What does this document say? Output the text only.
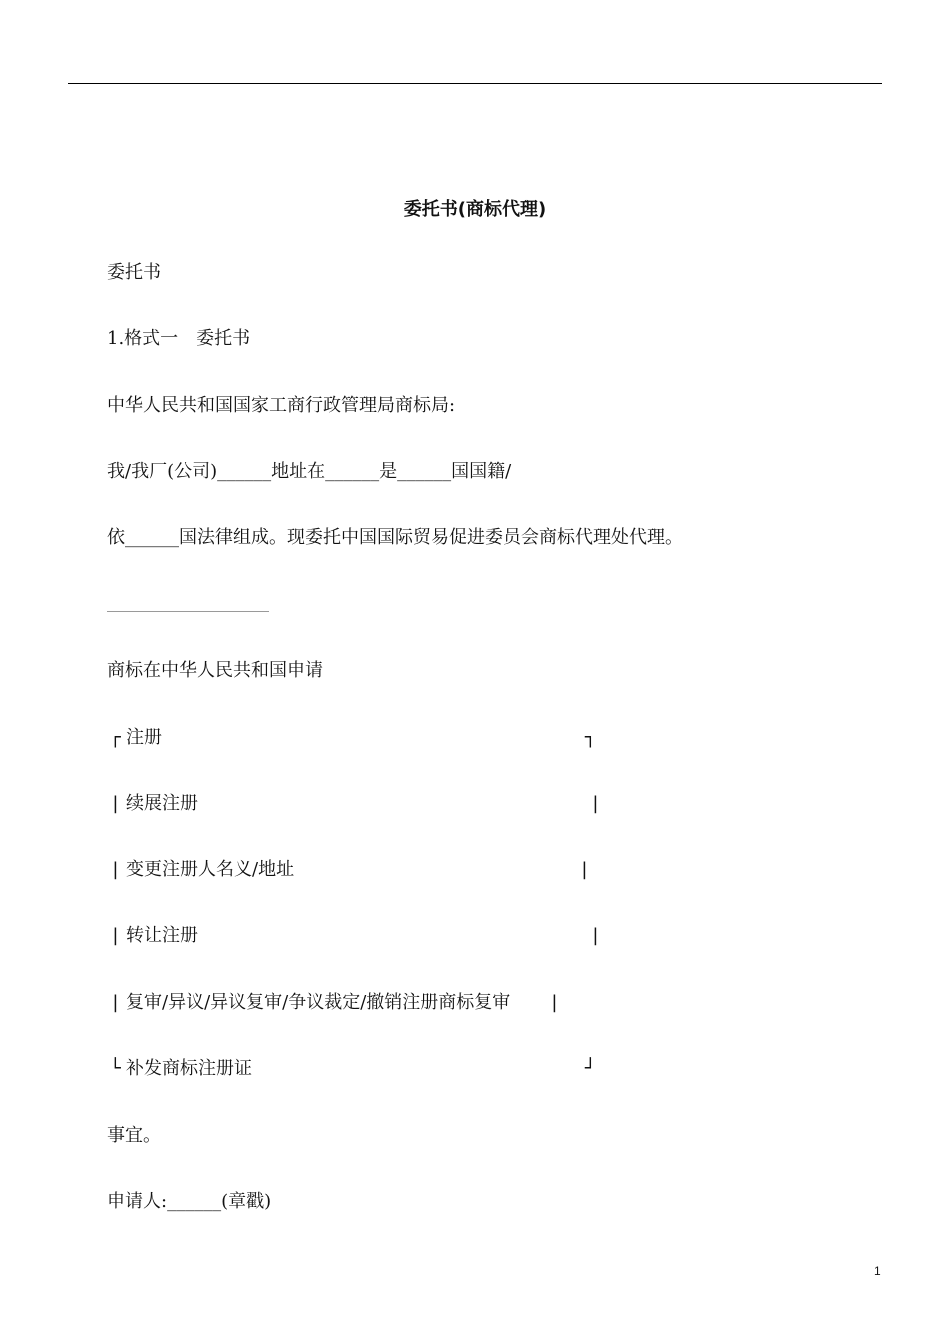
委托书(商标代理)
委托书
1.格式一　委托书
中华人民共和国国家工商行政管理局商标局:
我/我厂(公司)______地址在______是______国国籍/
依______国法律组成。现委托中国国际贸易促进委员会商标代理处代理。
商标在中华人民共和国申请
┌ 注册	┐
| 续展注册	|
| 变更注册人名义/地址	|
| 转让注册	|
| 复审/异议/异议复审/争议裁定/撤销注册商标复审 |
└ 补发商标注册证	┘
事宜。
申请人:______(章戳)
1
